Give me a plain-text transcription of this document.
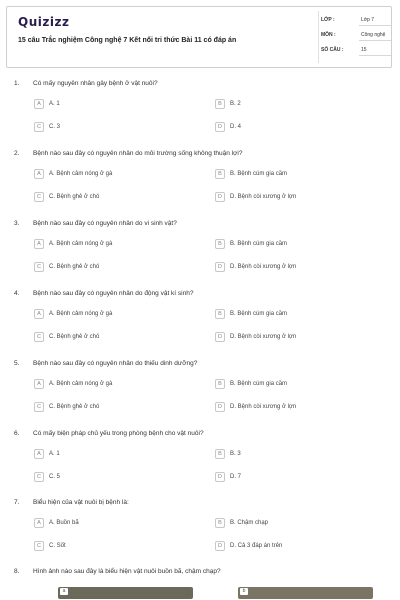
Quizizz
15 câu Trắc nghiệm Công nghệ 7 Kết nối tri thức Bài 11 có đáp án
LỚP :	Lớp 7
MÔN :	Công nghệ
SỐ CÂU :	15
1. Có mấy nguyên nhân gây bệnh ở vật nuôi?
A	A. 1	B	B. 2
C	C. 3	D	D. 4
2. Bệnh nào sau đây có nguyên nhân do môi trường sống không thuận lợi?
A	A. Bệnh cảm nóng ở gà	B	B. Bệnh cúm gia cầm
C	C. Bệnh ghẻ ở chó	D	D. Bệnh còi xương ở lợn
3. Bệnh nào sau đây có nguyên nhân do vi sinh vật?
A	A. Bệnh cảm nóng ở gà	B	B. Bệnh cúm gia cầm
C	C. Bệnh ghẻ ở chó	D	D. Bệnh còi xương ở lợn
4. Bệnh nào sau đây có nguyên nhân do động vật kí sinh?
A	A. Bệnh cảm nóng ở gà	B	B. Bệnh cúm gia cầm
C	C. Bệnh ghẻ ở chó	D	D. Bệnh còi xương ở lợn
5. Bệnh nào sau đây có nguyên nhân do thiếu dinh dưỡng?
A	A. Bệnh cảm nóng ở gà	B	B. Bệnh cúm gia cầm
C	C. Bệnh ghẻ ở chó	D	D. Bệnh còi xương ở lợn
6. Có mấy biện pháp chủ yếu trong phòng bệnh cho vật nuôi?
A	A. 1	B	B. 3
C	C. 5	D	D. 7
7. Biểu hiện của vật nuôi bị bệnh là:
A	A. Buồn bã	B	B. Chậm chạp
C	C. Sốt	D	D. Cả 3 đáp án trên
8. Hình ảnh nào sau đây là biểu hiện vật nuôi buồn bã, chậm chạp?
a	b
